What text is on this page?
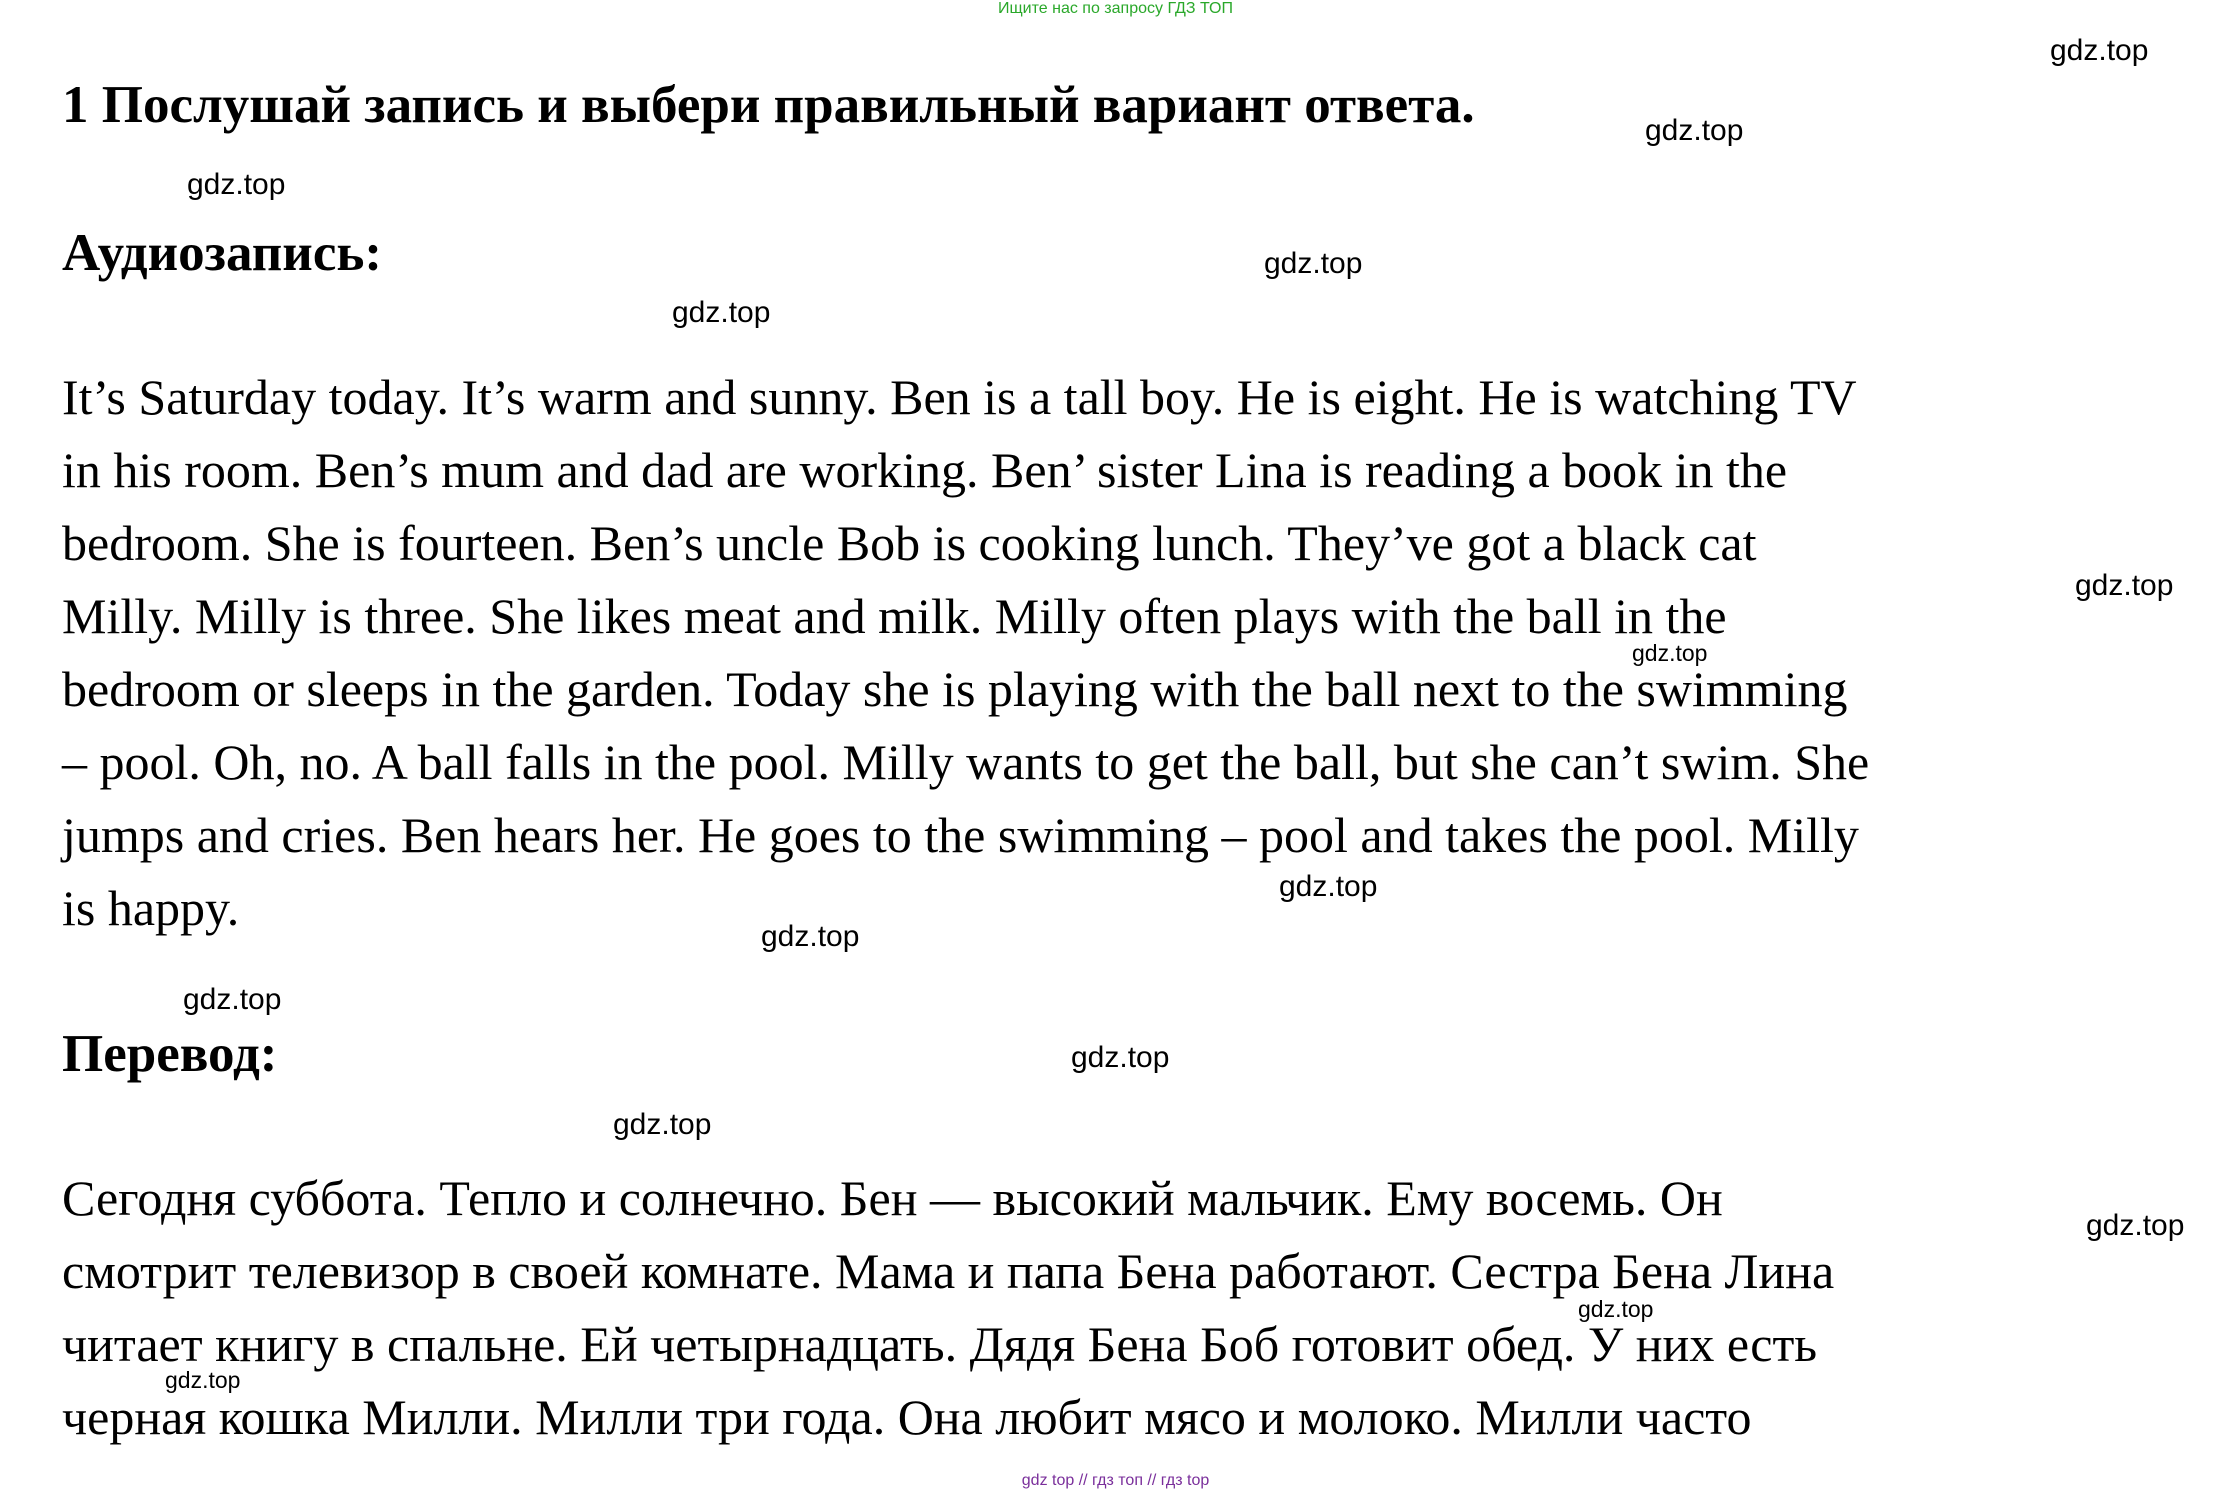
Ищите нас по запросу ГДЗ ТОП
1 Послушай запись и выбери правильный вариант ответа.
Аудиозапись:
It’s Saturday today. It’s warm and sunny. Ben is a tall boy. He is eight. He is watching TV
in his room. Ben’s mum and dad are working. Ben’ sister Lina is reading a book in the
bedroom. She is fourteen. Ben’s uncle Bob is cooking lunch. They’ve got a black cat
Milly. Milly is three. She likes meat and milk. Milly often plays with the ball in the
bedroom or sleeps in the garden. Today she is playing with the ball next to the swimming
– pool. Oh, no. A ball falls in the pool. Milly wants to get the ball, but she can’t swim. She
jumps and cries. Ben hears her. He goes to the swimming – pool and takes the pool. Milly
is happy.
Перевод:
Сегодня суббота. Тепло и солнечно. Бен — высокий мальчик. Ему восемь. Он
смотрит телевизор в своей комнате. Мама и папа Бена работают. Сестра Бена Лина
читает книгу в спальне. Ей четырнадцать. Дядя Бена Боб готовит обед. У них есть
черная кошка Милли. Милли три года. Она любит мясо и молоко. Милли часто
gdz.top
gdz.top
gdz.top
gdz.top
gdz.top
gdz.top
gdz.top
gdz.top
gdz.top
gdz.top
gdz.top
gdz.top
gdz.top
gdz.top
gdz.top
gdz top // гдз топ // гдз top
